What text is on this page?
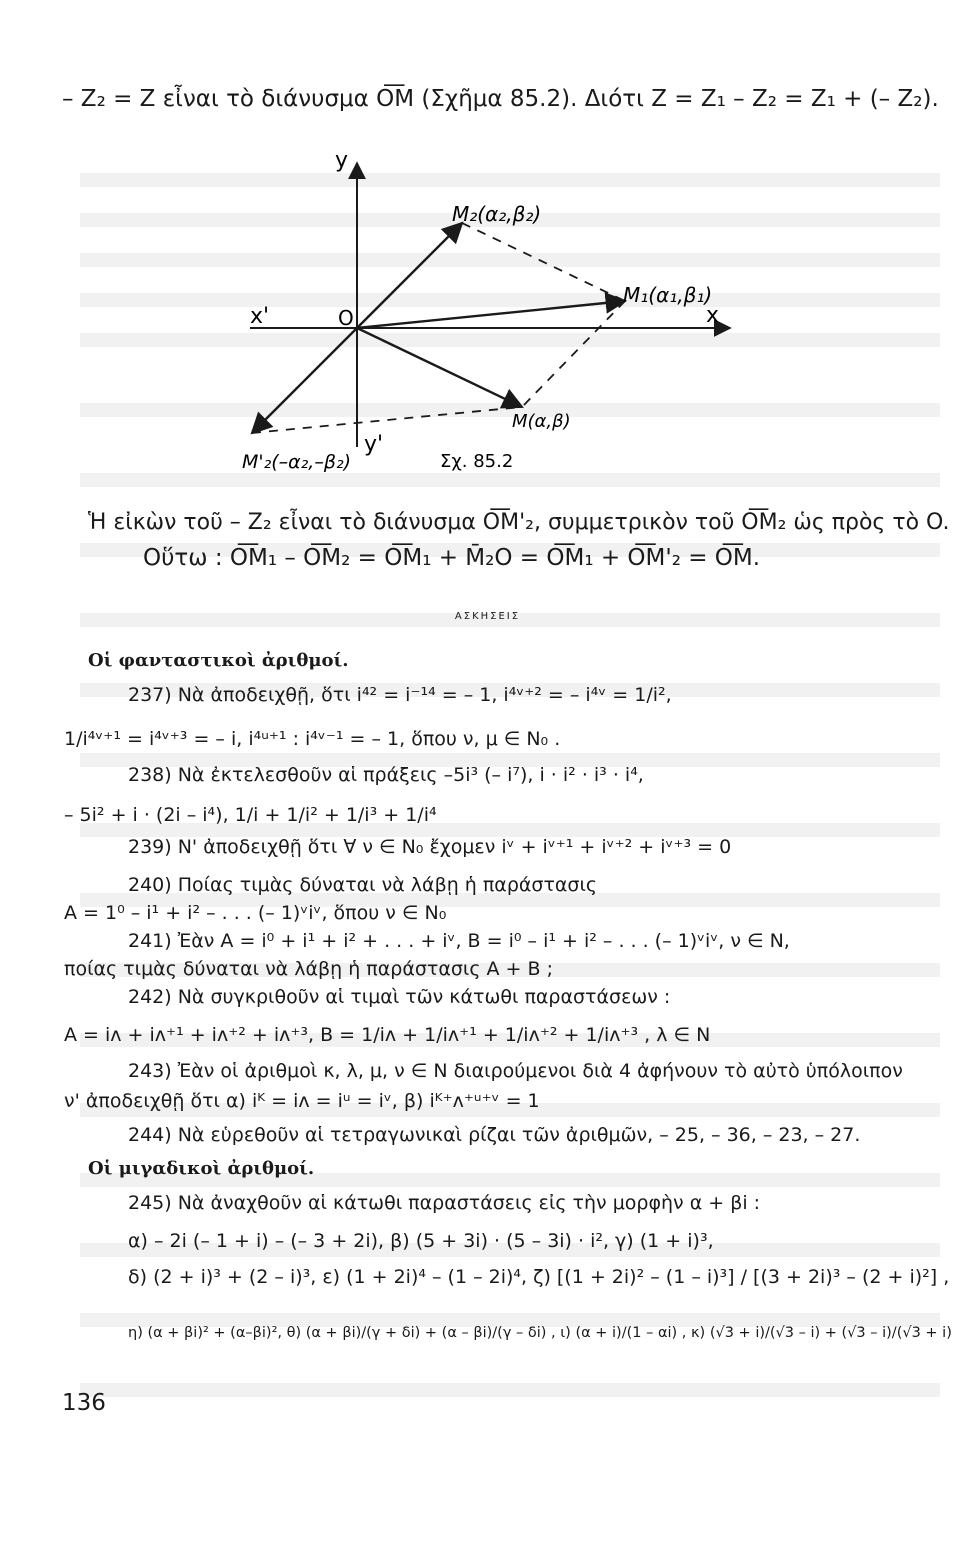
– Z₂ = Z εἶναι τὸ διάνυσμα O͞M (Σχῆμα 85.2). Διότι Z = Z₁ – Z₂ = Z₁ + (– Z₂).
y
y'
x
x'	O
M₂(α₂,β₂)
M₁(α₁,β₁)
M(α,β)
M'₂(–α₂,–β₂)	Σχ. 85.2
Ἡ εἰκὼν τοῦ – Z₂ εἶναι τὸ διάνυσμα O͞M'₂, συμμετρικὸν τοῦ O͞M₂ ὡς πρὸς τὸ O.
Οὕτω : O͞M₁ – O͞M₂ = O͞M₁ + M̄₂O = O͞M₁ + O͞M'₂ = O͞M.
ΑΣΚΗΣΕΙΣ
Οἱ φανταστικοὶ ἀριθμοί.
237) Νὰ ἀποδειχθῇ, ὅτι i⁴² = i⁻¹⁴ = – 1, i⁴ᵛ⁺² = – i⁴ᵛ = 1/i²,
1/i⁴ᵛ⁺¹ = i⁴ᵛ⁺³ = – i, i⁴ᵘ⁺¹ : i⁴ᵛ⁻¹ = – 1, ὅπου ν, μ ∈ N₀ .
238) Νὰ ἐκτελεσθοῦν αἱ πράξεις –5i³ (– i⁷), i · i² · i³ · i⁴,
– 5i² + i · (2i – i⁴), 1/i + 1/i² + 1/i³ + 1/i⁴
239) Ν' ἀποδειχθῇ ὅτι ∀ ν ∈ N₀ ἔχομεν iᵛ + iᵛ⁺¹ + iᵛ⁺² + iᵛ⁺³ = 0
240) Ποίας τιμὰς δύναται νὰ λάβῃ ἡ παράστασις
A = 1⁰ – i¹ + i² – . . . (– 1)ᵛiᵛ, ὅπου ν ∈ N₀
241) Ἐὰν A = i⁰ + i¹ + i² + . . . + iᵛ, B = i⁰ – i¹ + i² – . . . (– 1)ᵛiᵛ, ν ∈ N,
ποίας τιμὰς δύναται νὰ λάβῃ ἡ παράστασις A + B ;
242) Νὰ συγκριθοῦν αἱ τιμαὶ τῶν κάτωθι παραστάσεων :
A = iᴧ + iᴧ⁺¹ + iᴧ⁺² + iᴧ⁺³, B = 1/iᴧ + 1/iᴧ⁺¹ + 1/iᴧ⁺² + 1/iᴧ⁺³ , λ ∈ N
243) Ἐὰν οἱ ἀριθμοὶ κ, λ, μ, ν ∈ N διαιρούμενοι διὰ 4 ἀφήνουν τὸ αὐτὸ ὑπόλοιπον
ν' ἀποδειχθῇ ὅτι α) iᴷ = iᴧ = iᵘ = iᵛ, β) iᴷ⁺ᴧ⁺ᵘ⁺ᵛ = 1
244) Νὰ εὑρεθοῦν αἱ τετραγωνικαὶ ρίζαι τῶν ἀριθμῶν, – 25, – 36, – 23, – 27.
Οἱ μιγαδικοὶ ἀριθμοί.
245) Νὰ ἀναχθοῦν αἱ κάτωθι παραστάσεις εἰς τὴν μορφὴν α + βi :
α) – 2i (– 1 + i) – (– 3 + 2i), β) (5 + 3i) · (5 – 3i) · i², γ) (1 + i)³,
δ) (2 + i)³ + (2 – i)³, ε) (1 + 2i)⁴ – (1 – 2i)⁴, ζ) [(1 + 2i)² – (1 – i)³] / [(3 + 2i)³ – (2 + i)²] ,
η) (α + βi)² + (α–βi)², θ) (α + βi)/(γ + δi) + (α – βi)/(γ – δi) , ι) (α + i)/(1 – αi) , κ) (√3 + i)/(√3 – i) + (√3 – i)/(√3 + i)
136
